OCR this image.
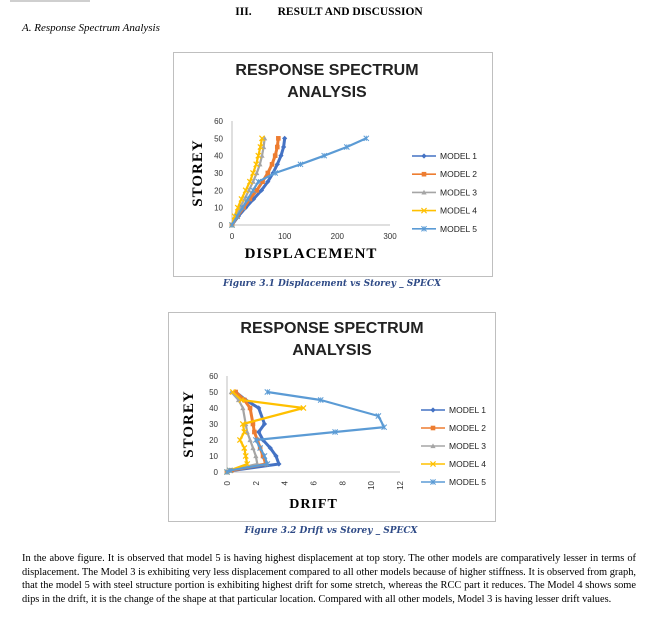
III. RESULT AND DISCUSSION
A. Response Spectrum Analysis
RESPONSE SPECTRUM
ANALYSIS
0
10
20
30
40
50
60
0	100	200	300
DISPLACEMENT
STOREY	MODEL 1
MODEL 2
MODEL 3
MODEL 4
MODEL 5
Figure 3.1 Displacement vs Storey _ SPECX
RESPONSE SPECTRUM
ANALYSIS
0
10
20
30
40
50
60
0 2 4 6 8 10 12
DRIFT
STOREY	MODEL 1
MODEL 2
MODEL 3
MODEL 4
MODEL 5
Figure 3.2 Drift vs Storey _ SPECX
In the above figure. It is observed that model 5 is having highest displacement at top story. The other models are comparatively lesser in terms of displacement. The Model 3 is exhibiting very less displacement compared to all other models because of higher stiffness. It is observed from graph, that the model 5 with steel structure portion is exhibiting highest drift for some stretch, whereas the RCC part it reduces. The Model 4 shows some dips in the drift, it is the change of the shape at that particular location. Compared with all other models, Model 3 is having lesser drift values.
